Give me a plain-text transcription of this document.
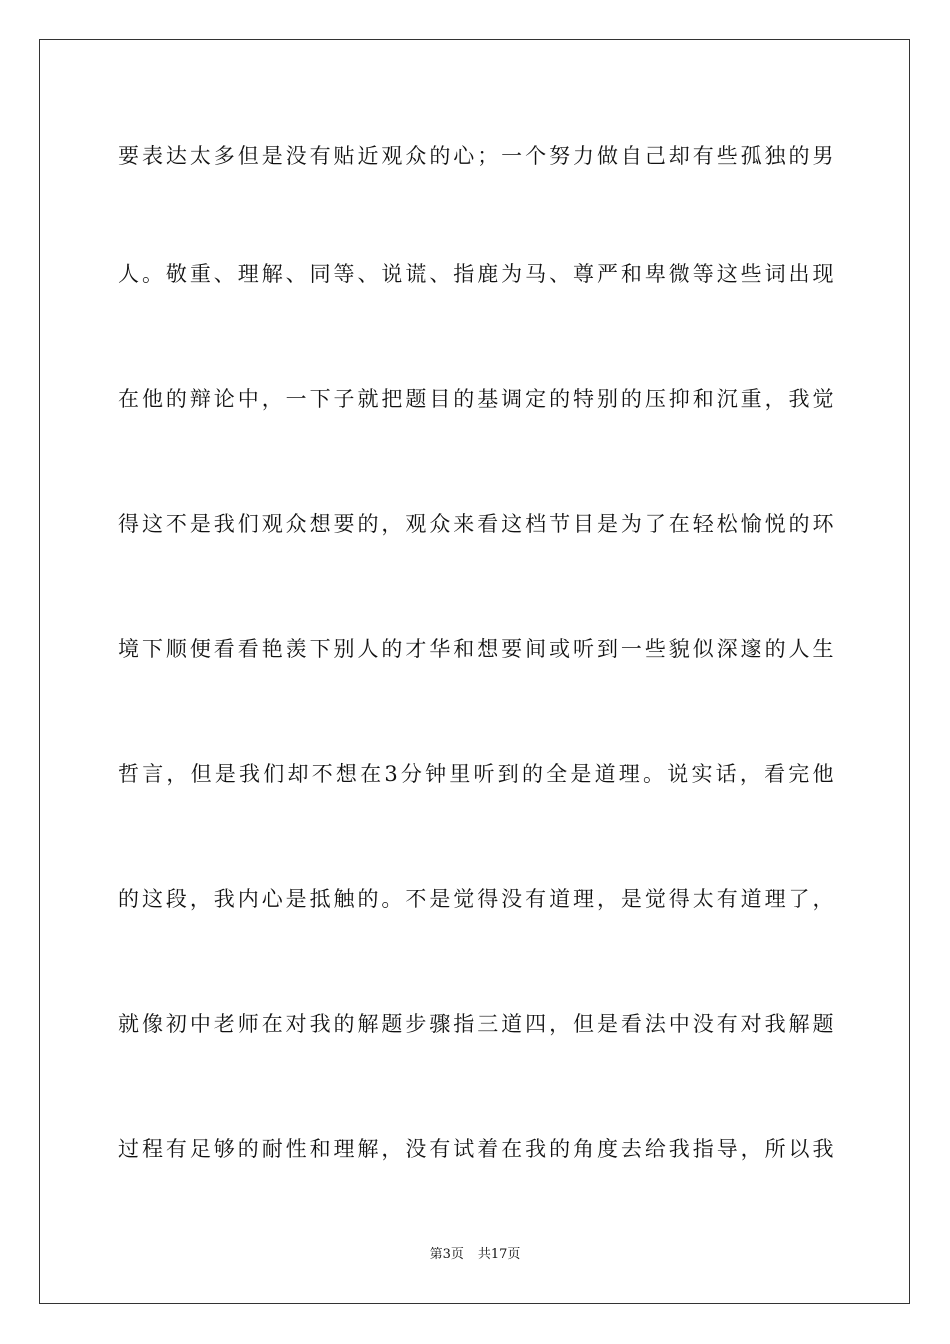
要表达太多但是没有贴近观众的心；一个努力做自己却有些孤独的男
人。敬重、理解、同等、说谎、指鹿为马、尊严和卑微等这些词出现
在他的辩论中，一下子就把题目的基调定的特别的压抑和沉重，我觉
得这不是我们观众想要的，观众来看这档节目是为了在轻松愉悦的环
境下顺便看看艳羡下别人的才华和想要间或听到一些貌似深邃的人生
哲言，但是我们却不想在3分钟里听到的全是道理。说实话，看完他
的这段，我内心是抵触的。不是觉得没有道理，是觉得太有道理了，
就像初中老师在对我的解题步骤指三道四，但是看法中没有对我解题
过程有足够的耐性和理解，没有试着在我的角度去给我指导，所以我
第3页 共17页
